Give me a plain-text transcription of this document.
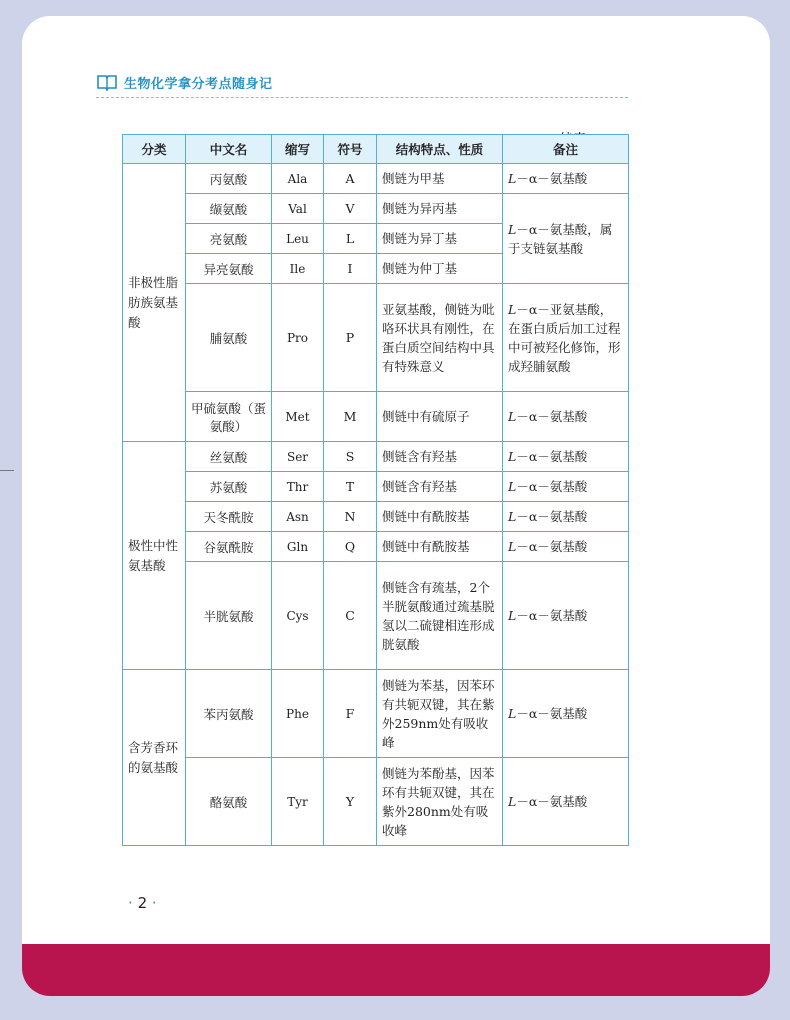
生物化学拿分考点随身记
分类	中文名	缩写	符号	结构特点、性质	备注
非极性脂肪族氨基酸	丙氨酸	Ala	A	侧链为甲基	L－α－氨基酸
	缬氨酸	Val	V	侧链为异丙基	L－α－氨基酸，属于支链氨基酸
	亮氨酸	Leu	L	侧链为异丁基	
	异亮氨酸	Ile	I	侧链为仲丁基	
	脯氨酸	Pro	P	亚氨基酸，侧链为吡咯环状具有刚性，在蛋白质空间结构中具有特殊意义	L－α－亚氨基酸，在蛋白质后加工过程中可被羟化修饰，形成羟脯氨酸
	甲硫氨酸（蛋氨酸）	Met	M	侧链中有硫原子	L－α－氨基酸
极性中性氨基酸	丝氨酸	Ser	S	侧链含有羟基	L－α－氨基酸
	苏氨酸	Thr	T	侧链含有羟基	L－α－氨基酸
	天冬酰胺	Asn	N	侧链中有酰胺基	L－α－氨基酸
	谷氨酰胺	Gln	Q	侧链中有酰胺基	L－α－氨基酸
	半胱氨酸	Cys	C	侧链含有巯基，2个半胱氨酸通过巯基脱氢以二硫键相连形成胱氨酸	L－α－氨基酸
含芳香环的氨基酸	苯丙氨酸	Phe	F	侧链为苯基，因苯环有共轭双键，其在紫外259nm处有吸收峰	L－α－氨基酸
	酪氨酸	Tyr	Y	侧链为苯酚基，因苯环有共轭双键，其在紫外280nm处有吸收峰	L－α－氨基酸
· 2 ·
